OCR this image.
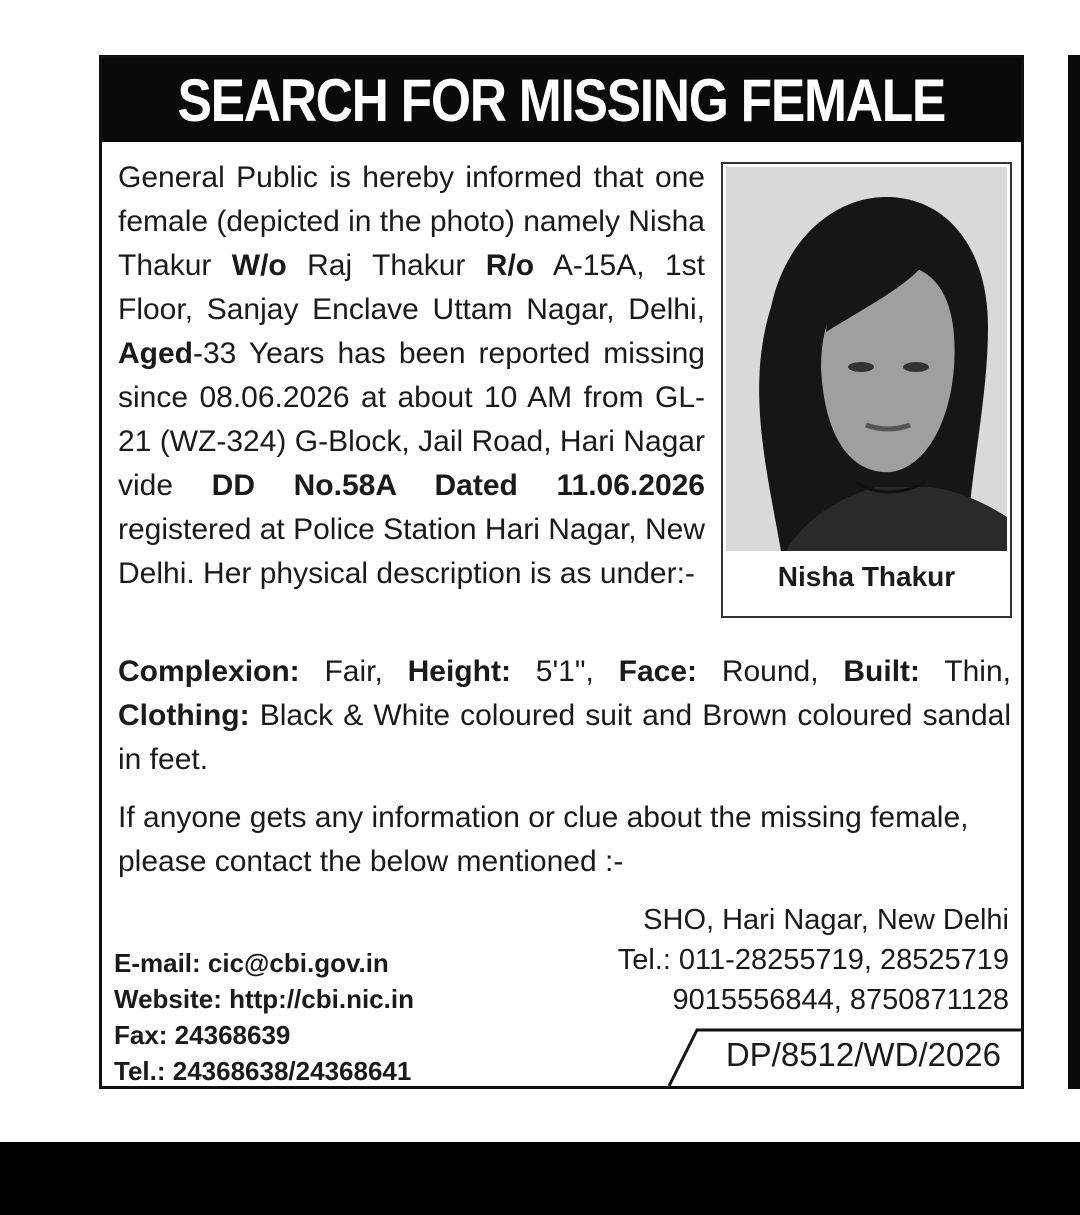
SEARCH FOR MISSING FEMALE
General Public is hereby informed that one female (depicted in the photo) namely Nisha Thakur W/o Raj Thakur R/o A-15A, 1st Floor, Sanjay Enclave Uttam Nagar, Delhi, Aged-33 Years has been reported missing since 08.06.2026 at about 10 AM from GL-21 (WZ-324) G-Block, Jail Road, Hari Nagar vide DD No.58A Dated 11.06.2026 registered at Police Station Hari Nagar, New Delhi. Her physical description is as under:-	Nisha Thakur
Complexion: Fair, Height: 5'1", Face: Round, Built: Thin, Clothing: Black & White coloured suit and Brown coloured sandal in feet.
If anyone gets any information or clue about the missing female, please contact the below mentioned :-
SHO, Hari Nagar, New Delhi
Tel.: 011-28255719, 28525719
9015556844, 8750871128
E-mail: cic@cbi.gov.in
Website: http://cbi.nic.in
Fax: 24368639
Tel.: 24368638/24368641	DP/8512/WD/2026
